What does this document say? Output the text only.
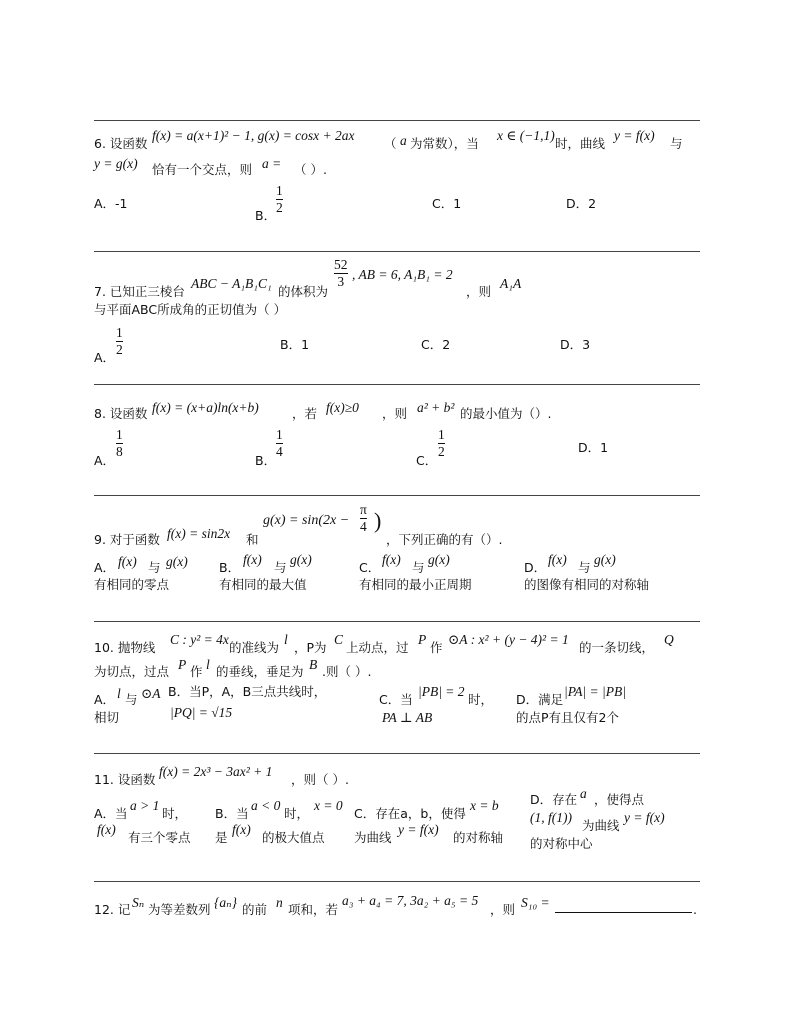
6. 设函数
f(x) = a(x+1)² − 1, g(x) = cosx + 2ax
（ a 为常数），当
x ∈ (−1,1)
时，曲线
y = f(x)
与
y = g(x) 恰有一个交点，则 a = （ ）.
A．-1
B．
1
2	C．1	D．2
7. 已知正三棱台
ABC − A₁B₁C₁
的体积为
52
3 , AB = 6, A₁B₁ = 2
，则
A₁A
与平面ABC所成角的正切值为（ ）
A．
1
2	B．1	C．2	D．3
8. 设函数 f(x) = (x+a)ln(x+b)	，若 f(x)≥0 ，则 a² + b² 的最小值为（）.
A．
1
8
B．
1
4
C．
1
2	D．1
9. 对于函数 f(x) = sin2x 和
g(x) = sin(2x −
π
4 )
，下列正确的有（）.
A． f(x) 与 g(x)
有相同的零点
B．
f(x)
与
g(x)
有相同的最大值
C．
f(x)
与
g(x)
有相同的最小正周期
D．
f(x)
与
g(x)
的图像有相同的对称轴
10. 抛物线
C : y² = 4x
的准线为
l
，P为
C
上动点，过
P
作
⊙A : x² + (y − 4)² = 1
的一条切线，
Q
为切点，过点 P 作 l 的垂线，垂足为 B .则（ ）.
A． l 与 ⊙A
相切
B．当P，A，B三点共线时，
|PQ| = √15
C．当
|PB| = 2
时，
PA ⊥ AB
D．满足
|PA| = |PB|
的点P有且仅有2个
11. 设函数
f(x) = 2x³ − 3ax² + 1
，则（ ）.
A．当
a > 1
时，
f(x)
有三个零点
B．当
a < 0
时，
x = 0
是
f(x)
的极大值点
C．存在a，b，使得
x = b
为曲线
y = f(x)
的对称轴
D．存在 a ，使得点
(1, f(1))
为曲线
y = f(x)
的对称中心
12. 记 Sₙ 为等差数列 {aₙ} 的前 n 项和，若
a₃ + a₄ = 7, 3a₂ + a₅ = 5
，则 S₁₀ =	.
